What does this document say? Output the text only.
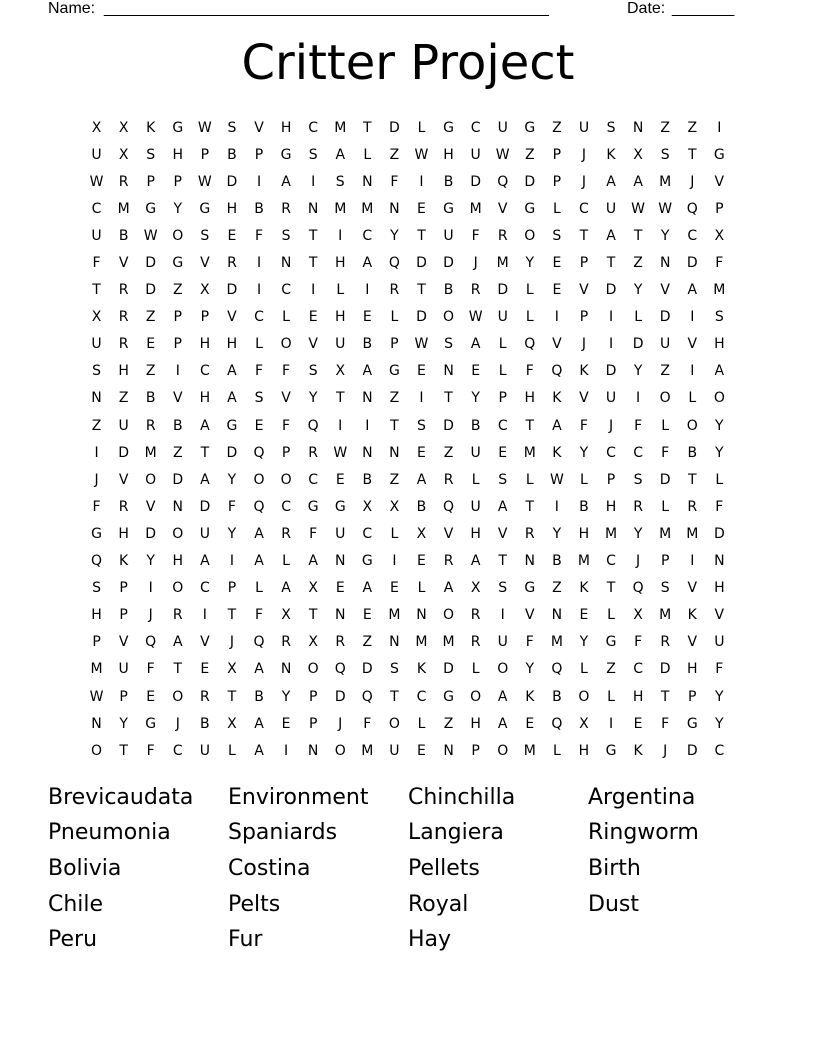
Name: __________________________________________________	Date: _______
Critter Project
X	X	K	G	W	S	V	H	C	M	T	D	L	G	C	U	G	Z	U	S	N	Z	Z	I
U	X	S	H	P	B	P	G	S	A	L	Z	W	H	U	W	Z	P	J	K	X	S	T	G
W	R	P	P	W	D	I	A	I	S	N	F	I	B	D	Q	D	P	J	A	A	M	J	V
C	M	G	Y	G	H	B	R	N	M	M	N	E	G	M	V	G	L	C	U	W W	Q	P
U	B	W	O	S	E	F	S	T	I	C	Y	T	U	F	R	O	S	T	A	T	Y	C	X
F	V	D	G	V	R	I	N	T	H	A	Q	D	D	J	M	Y	E	P	T	Z	N	D	F
T	R	D	Z	X	D	I	C	I	L	I	R	T	B	R	D	L	E	V	D	Y	V	A	M
X	R	Z	P	P	V	C	L	E	H	E	L	D	O	W	U	L	I	P	I	L	D	I	S
U	R	E	P	H	H	L	O	V	U	B	P	W	S	A	L	Q	V	J	I	D	U	V	H
S	H	Z	I	C	A	F	F	S	X	A	G	E	N	E	L	F	Q	K	D	Y	Z	I	A
N	Z	B	V	H	A	S	V	Y	T	N	Z	I	T	Y	P	H	K	V	U	I	O	L	O
Z	U	R	B	A	G	E	F	Q	I	I	T	S	D	B	C	T	A	F	J	F	L	O	Y
I	D	M	Z	T	D	Q	P	R	W	N	N	E	Z	U	E	M	K	Y	C	C	F	B	Y
J	V	O	D	A	Y	O	O	C	E	B	Z	A	R	L	S	L	W	L	P	S	D	T	L
F	R	V	N	D	F	Q	C	G	G	X	X	B	Q	U	A	T	I	B	H	R	L	R	F
G	H	D	O	U	Y	A	R	F	U	C	L	X	V	H	V	R	Y	H	M	Y	M	M	D
Q	K	Y	H	A	I	A	L	A	N	G	I	E	R	A	T	N	B	M	C	J	P	I	N
S	P	I	O	C	P	L	A	X	E	A	E	L	A	X	S	G	Z	K	T	Q	S	V	H
H	P	J	R	I	T	F	X	T	N	E	M	N	O	R	I	V	N	E	L	X	M	K	V
P	V	Q	A	V	J	Q	R	X	R	Z	N	M	M	R	U	F	M	Y	G	F	R	V	U
M	U	F	T	E	X	A	N	O	Q	D	S	K	D	L	O	Y	Q	L	Z	C	D	H	F
W	P	E	O	R	T	B	Y	P	D	Q	T	C	G	O	A	K	B	O	L	H	T	P	Y
N	Y	G	J	B	X	A	E	P	J	F	O	L	Z	H	A	E	Q	X	I	E	F	G	Y
O	T	F	C	U	L	A	I	N	O	M	U	E	N	P	O	M	L	H	G	K	J	D	C
Brevicaudata	Environment	Chinchilla	Argentina
Pneumonia	Spaniards	Langiera	Ringworm
Bolivia	Costina	Pellets	Birth
Chile	Pelts	Royal	Dust
Peru	Fur	Hay
